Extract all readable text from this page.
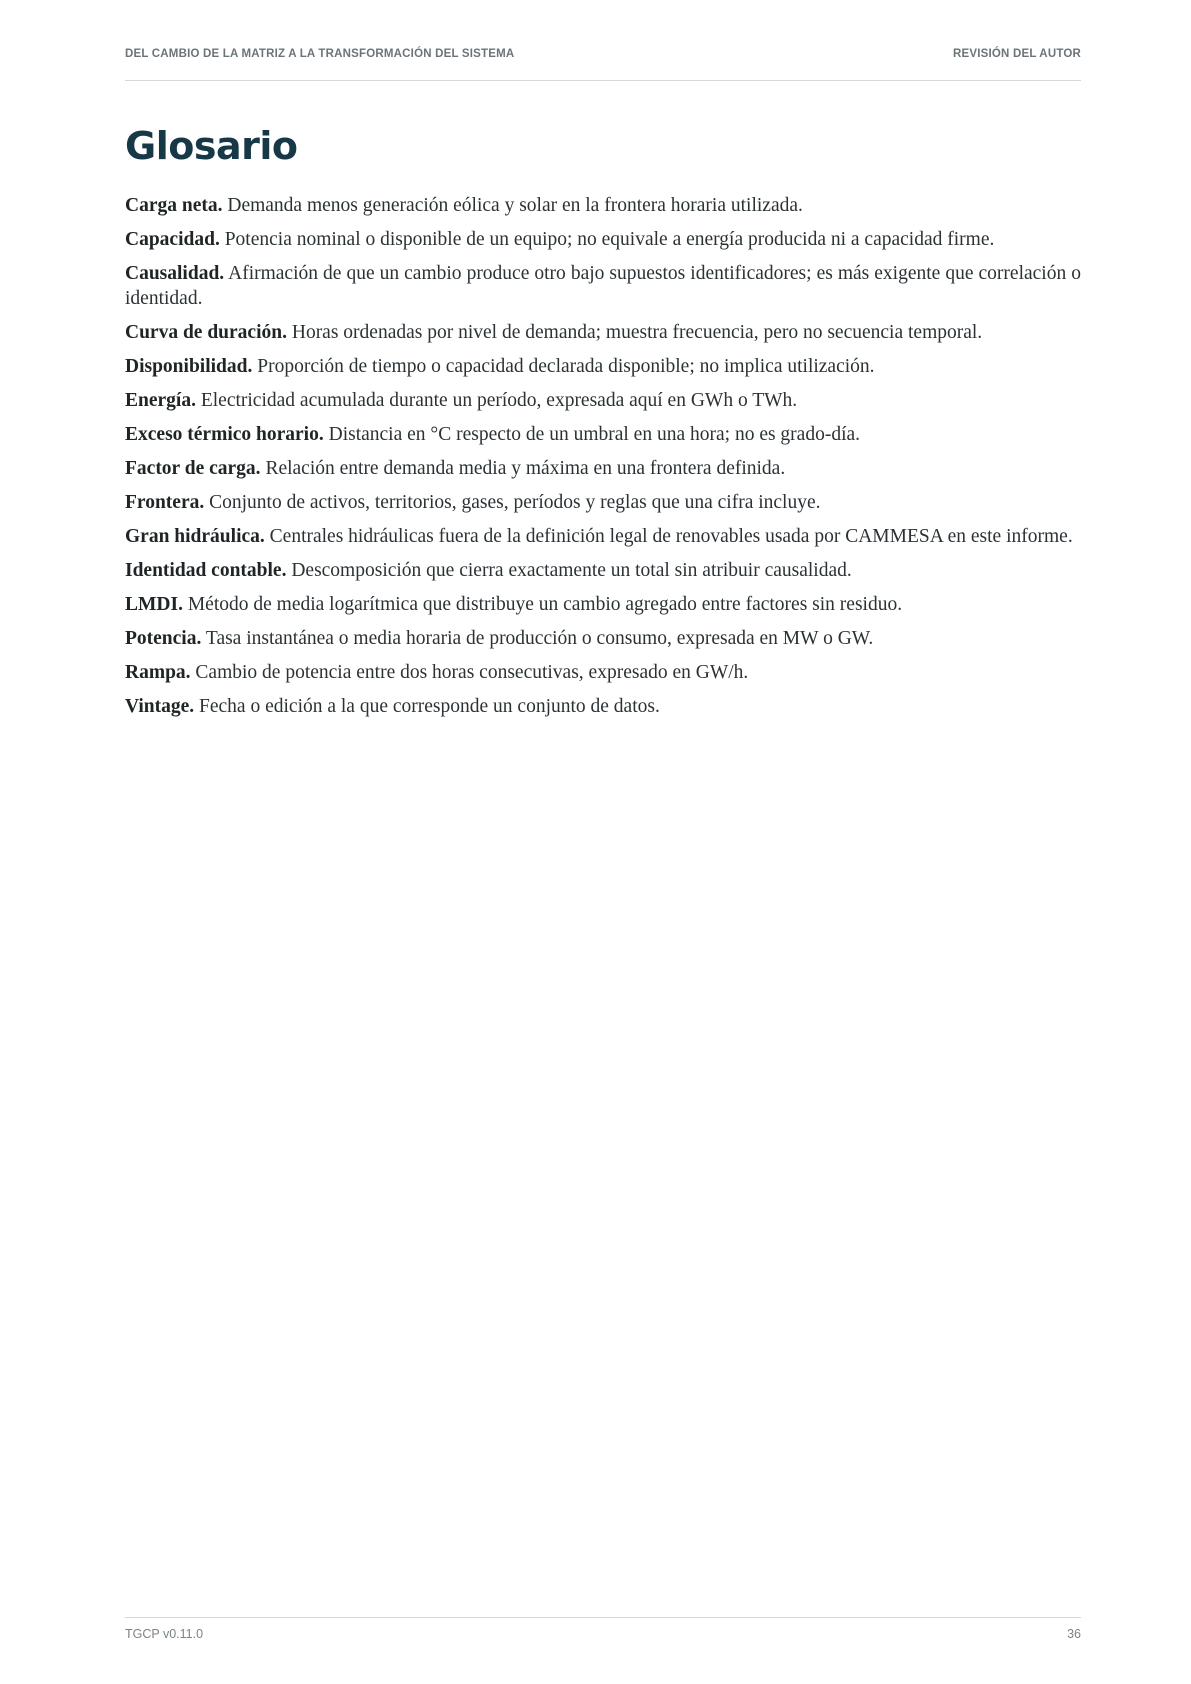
DEL CAMBIO DE LA MATRIZ A LA TRANSFORMACIÓN DEL SISTEMA	REVISIÓN DEL AUTOR
Glosario
Carga neta. Demanda menos generación eólica y solar en la frontera horaria utilizada.
Capacidad. Potencia nominal o disponible de un equipo; no equivale a energía producida ni a capacidad firme.
Causalidad. Afirmación de que un cambio produce otro bajo supuestos identificadores; es más exigente que correlación o identidad.
Curva de duración. Horas ordenadas por nivel de demanda; muestra frecuencia, pero no secuencia temporal.
Disponibilidad. Proporción de tiempo o capacidad declarada disponible; no implica utilización.
Energía. Electricidad acumulada durante un período, expresada aquí en GWh o TWh.
Exceso térmico horario. Distancia en °C respecto de un umbral en una hora; no es grado-día.
Factor de carga. Relación entre demanda media y máxima en una frontera definida.
Frontera. Conjunto de activos, territorios, gases, períodos y reglas que una cifra incluye.
Gran hidráulica. Centrales hidráulicas fuera de la definición legal de renovables usada por CAMMESA en este informe.
Identidad contable. Descomposición que cierra exactamente un total sin atribuir causalidad.
LMDI. Método de media logarítmica que distribuye un cambio agregado entre factores sin residuo.
Potencia. Tasa instantánea o media horaria de producción o consumo, expresada en MW o GW.
Rampa. Cambio de potencia entre dos horas consecutivas, expresado en GW/h.
Vintage. Fecha o edición a la que corresponde un conjunto de datos.
TGCP v0.11.0	36
